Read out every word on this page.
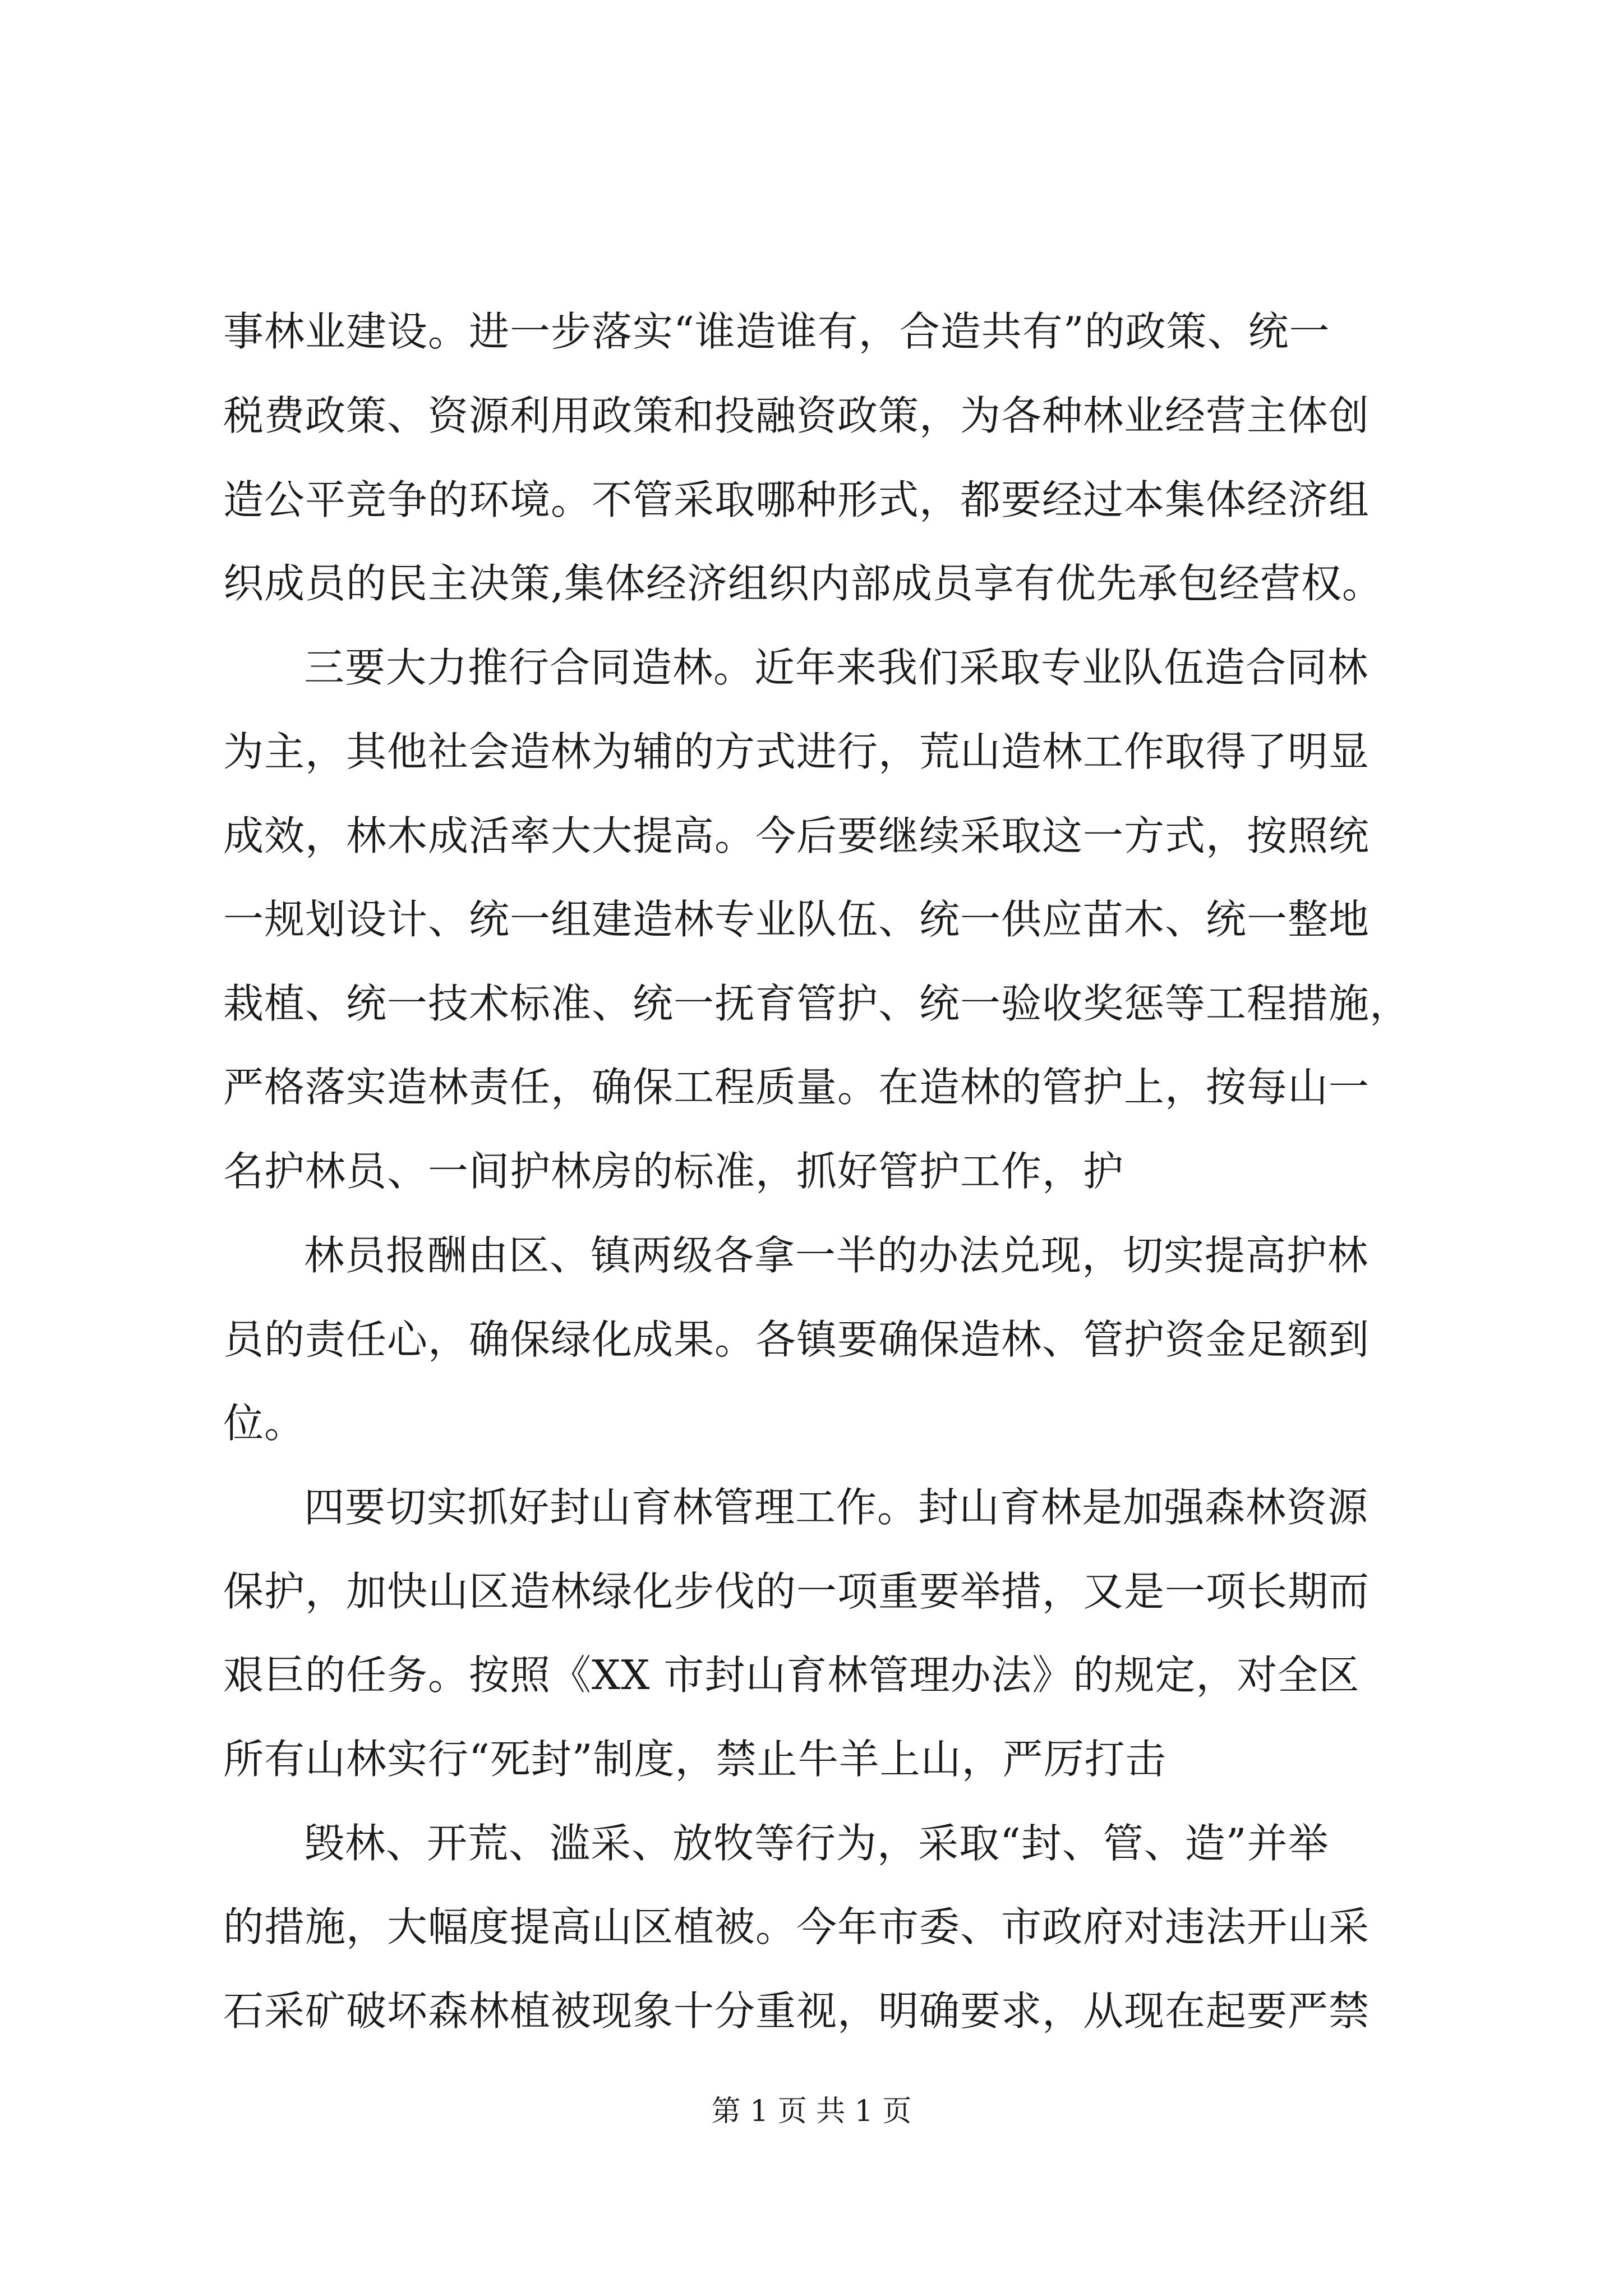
事林业建设。进一步落实“谁造谁有，合造共有”的政策、统一
税费政策、资源利用政策和投融资政策，为各种林业经营主体创
造公平竞争的环境。不管采取哪种形式，都要经过本集体经济组
织成员的民主决策,集体经济组织内部成员享有优先承包经营权。
三要大力推行合同造林。近年来我们采取专业队伍造合同林
为主，其他社会造林为辅的方式进行，荒山造林工作取得了明显
成效，林木成活率大大提高。今后要继续采取这一方式，按照统
一规划设计、统一组建造林专业队伍、统一供应苗木、统一整地
栽植、统一技术标准、统一抚育管护、统一验收奖惩等工程措施，
严格落实造林责任，确保工程质量。在造林的管护上，按每山一
名护林员、一间护林房的标准，抓好管护工作，护
林员报酬由区、镇两级各拿一半的办法兑现，切实提高护林
员的责任心，确保绿化成果。各镇要确保造林、管护资金足额到
位。
四要切实抓好封山育林管理工作。封山育林是加强森林资源
保护，加快山区造林绿化步伐的一项重要举措，又是一项长期而
艰巨的任务。按照《XX 市封山育林管理办法》的规定，对全区
所有山林实行“死封”制度，禁止牛羊上山，严厉打击
毁林、开荒、滥采、放牧等行为，采取“封、管、造”并举
的措施，大幅度提高山区植被。今年市委、市政府对违法开山采
石采矿破坏森林植被现象十分重视，明确要求，从现在起要严禁
第 1 页 共 1 页
